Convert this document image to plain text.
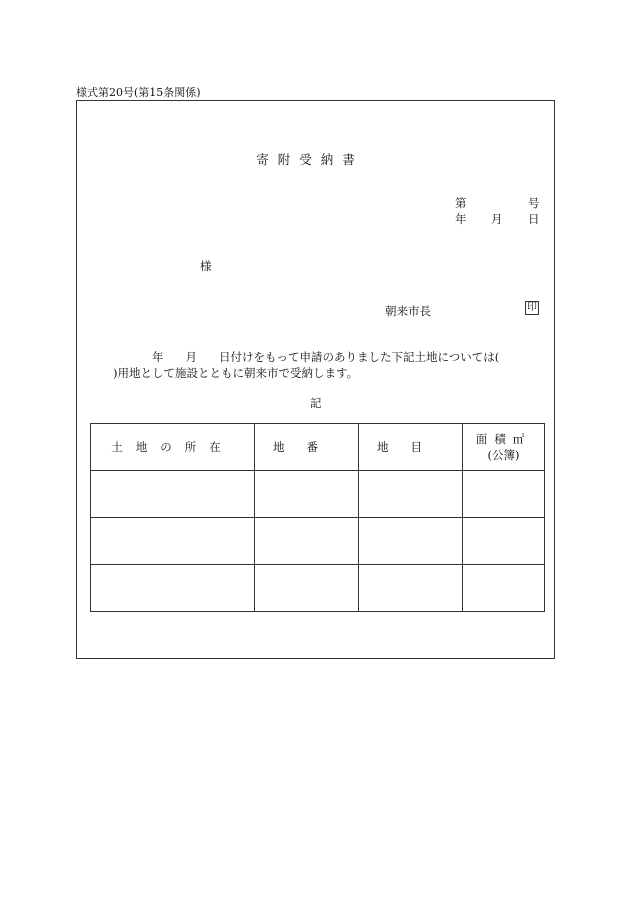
様式第20号(第15条関係)
寄附受納書
第	号
年 月 日
様
朝来市長	印
年 月 日付けをもって申請のありました下記土地については(
)用地として施設とともに朝来市で受納します。
記
土地の所在	地番	地目	面積㎡
(公簿)
